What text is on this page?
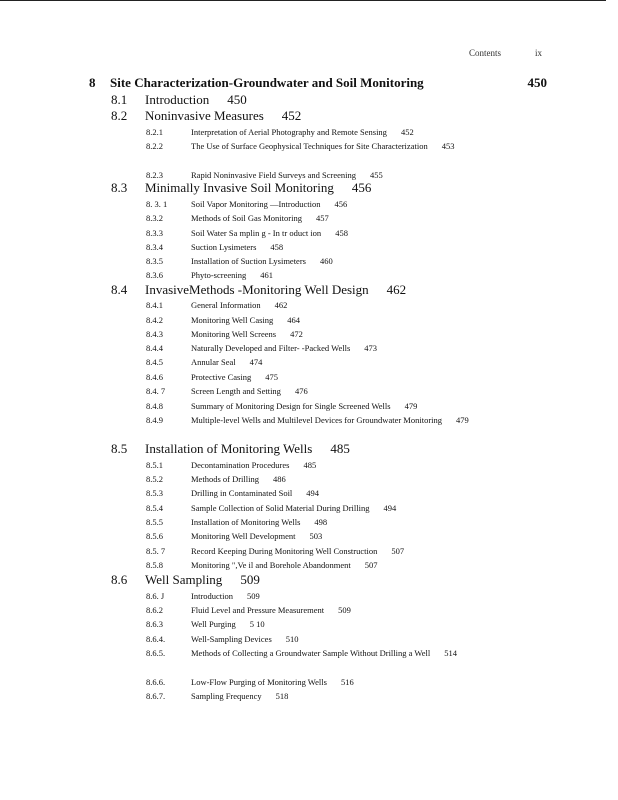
Contents	ix
8 Site Characterization-Groundwater and Soil Monitoring	450
8.1 Introduction 450
8.2 Noninvasive Measures 452
8.2.1	Interpretation of Aerial Photography and Remote Sensing 452
8.2.2	The Use of Surface Geophysical Techniques for Site Characterization 453
8.2.3	Rapid Noninvasive Field Surveys and Screening 455
8.3 Minimally Invasive Soil Monitoring 456
8. 3. 1	Soil Vapor Monitoring —Introduction 456
8.3.2	Methods of Soil Gas Monitoring 457
8.3.3	Soil Water Sa mplin g - In tr oduct ion 458
8.3.4	Suction Lysimeters 458
8.3.5	Installation of Suction Lysimeters 460
8.3.6	Phyto-screening 461
8.4 InvasiveMethods -Monitoring Well Design 462
8.4.1	General Information 462
8.4.2	Monitoring Well Casing 464
8.4.3	Monitoring Well Screens 472
8.4.4	Naturally Developed and Filter- -Packed Wells 473
8.4.5	Annular Seal 474
8.4.6	Protective Casing 475
8.4. 7	Screen Length and Setting 476
8.4.8	Summary of Monitoring Design for Single Screened Wells 479
8.4.9	Multiple-level Wells and Multilevel Devices for Groundwater Monitoring 479
8.5 Installation of Monitoring Wells 485
8.5.1	Decontamination Procedures 485
8.5.2	Methods of Drilling 486
8.5.3	Drilling in Contaminated Soil 494
8.5.4	Sample Collection of Solid Material During Drilling 494
8.5.5	Installation of Monitoring Wells 498
8.5.6	Monitoring Well Development 503
8.5. 7	Record Keeping During Monitoring Well Construction 507
8.5.8	Monitoring ",Ve il and Borehole Abandonment 507
8.6 Well Sampling 509
8.6. J	Introduction 509
8.6.2	Fluid Level and Pressure Measurement 509
8.6.3	Well Purging 5 10
8.6.4.	Well-Sampling Devices 510
8.6.5.	Methods of Collecting a Groundwater Sample Without Drilling a Well 514
8.6.6.	Low-Flow Purging of Monitoring Wells 516
8.6.7.	Sampling Frequency 518
